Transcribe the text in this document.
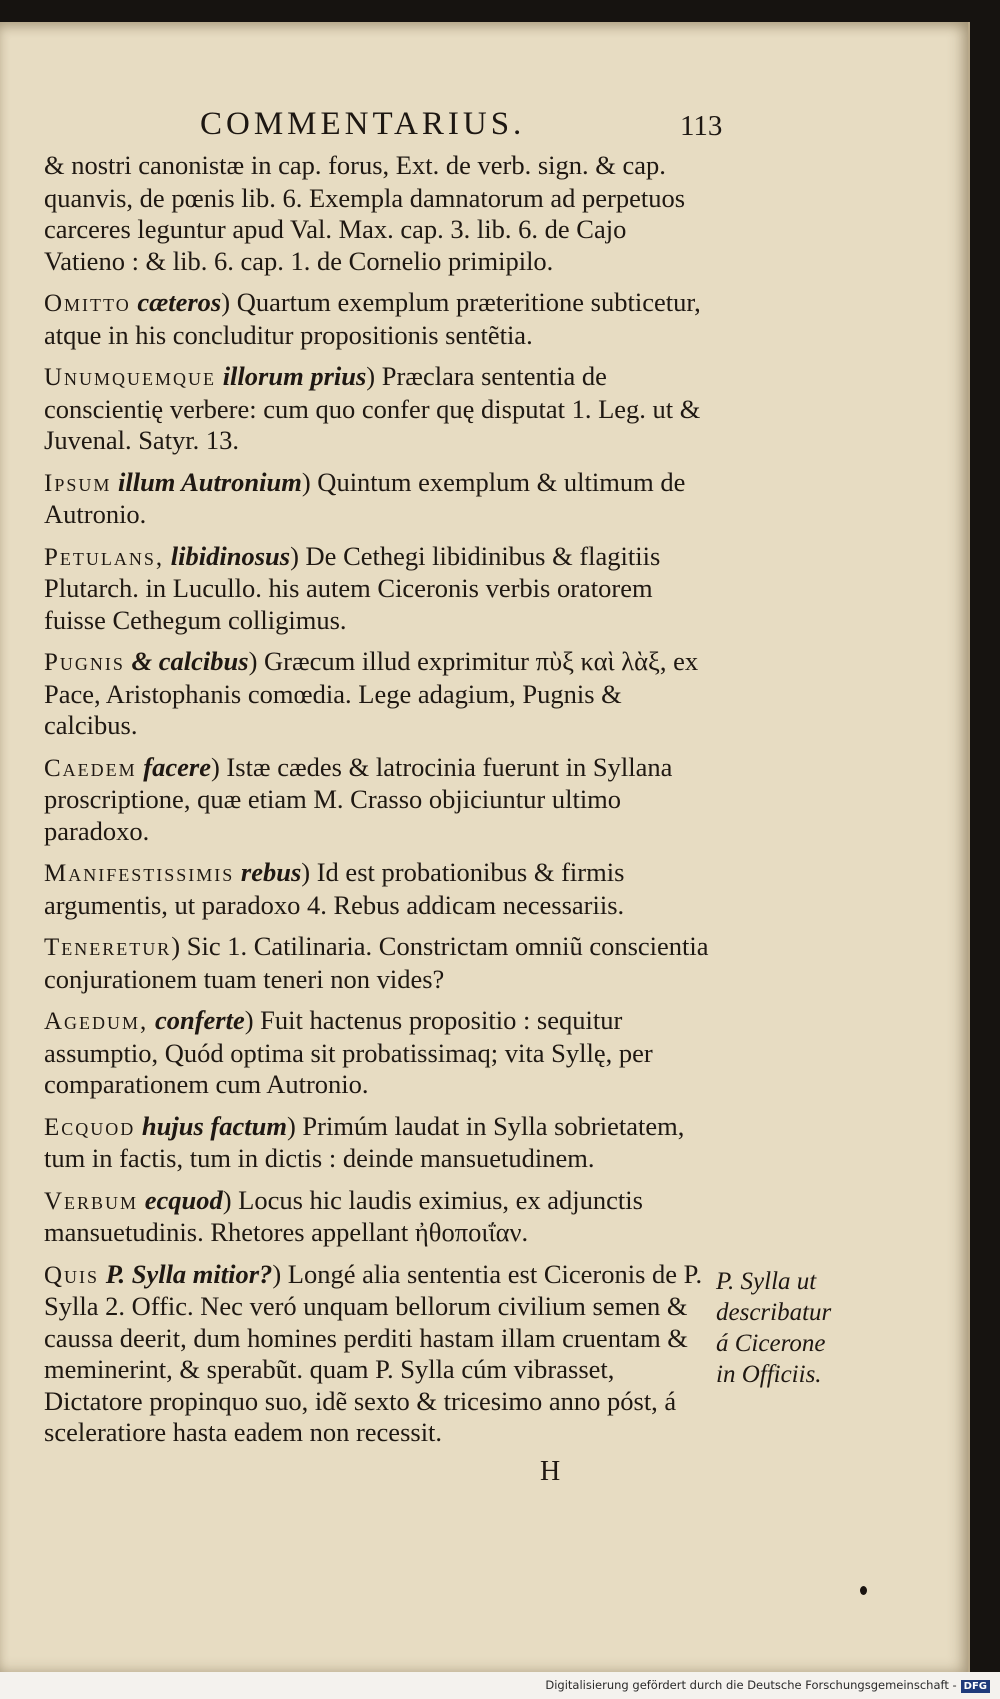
COMMENTARIUS.	113

& nostri canonistæ in cap. forus, Ext. de verb. sign. & cap. quanvis, de pœnis lib. 6. Exempla damnatorum ad perpetuos carceres leguntur apud Val. Max. cap. 3. lib. 6. de Cajo Vatieno : & lib. 6. cap. 1. de Cornelio primipilo.

Omitto cæteros) Quartum exemplum præteritione subticetur, atque in his concluditur propositionis sentẽtia.

Unumquemque illorum prius) Præclara sententia de conscientię verbere: cum quo confer quę disputat 1. Leg. ut & Juvenal. Satyr. 13.

Ipsum illum Autronium) Quintum exemplum & ultimum de Autronio.

Petulans, libidinosus) De Cethegi libidinibus & flagitiis Plutarch. in Lucullo. his autem Ciceronis verbis oratorem fuisse Cethegum colligimus.

Pugnis & calcibus) Græcum illud exprimitur πὺξ καὶ λὰξ, ex Pace, Aristophanis comœdia. Lege adagium, Pugnis & calcibus.

Caedem facere) Istæ cædes & latrocinia fuerunt in Syllana proscriptione, quæ etiam M. Crasso objiciuntur ultimo paradoxo.

Manifestissimis rebus) Id est probationibus & firmis argumentis, ut paradoxo 4. Rebus addicam necessariis.

Teneretur) Sic 1. Catilinaria. Constrictam omniũ conscientia conjurationem tuam teneri non vides?

Agedum, conferte) Fuit hactenus propositio : sequitur assumptio, Quód optima sit probatissimaq; vita Syllę, per comparationem cum Autronio.

Ecquod hujus factum) Primúm laudat in Sylla sobrietatem, tum in factis, tum in dictis : deinde mansuetudinem.

Verbum ecquod) Locus hic laudis eximius, ex adjunctis mansuetudinis. Rhetores appellant ἠθοποιΐαν.

Quis P. Sylla mitior?) Longé alia sententia est Ciceronis de P. Sylla 2. Offic. Nec veró unquam bellorum civilium semen & caussa deerit, dum homines perditi hastam illam cruentam & meminerint, & sperabũt. quam P. Sylla cúm vibrasset, Dictatore propinquo suo, idẽ sexto & tricesimo anno póst, á sceleratiore hasta eadem non recessit.

P. Sylla ut
describatur
á Cicerone
in Officiis.
H
Digitalisierung gefördert durch die Deutsche Forschungsgemeinschaft - DFG
